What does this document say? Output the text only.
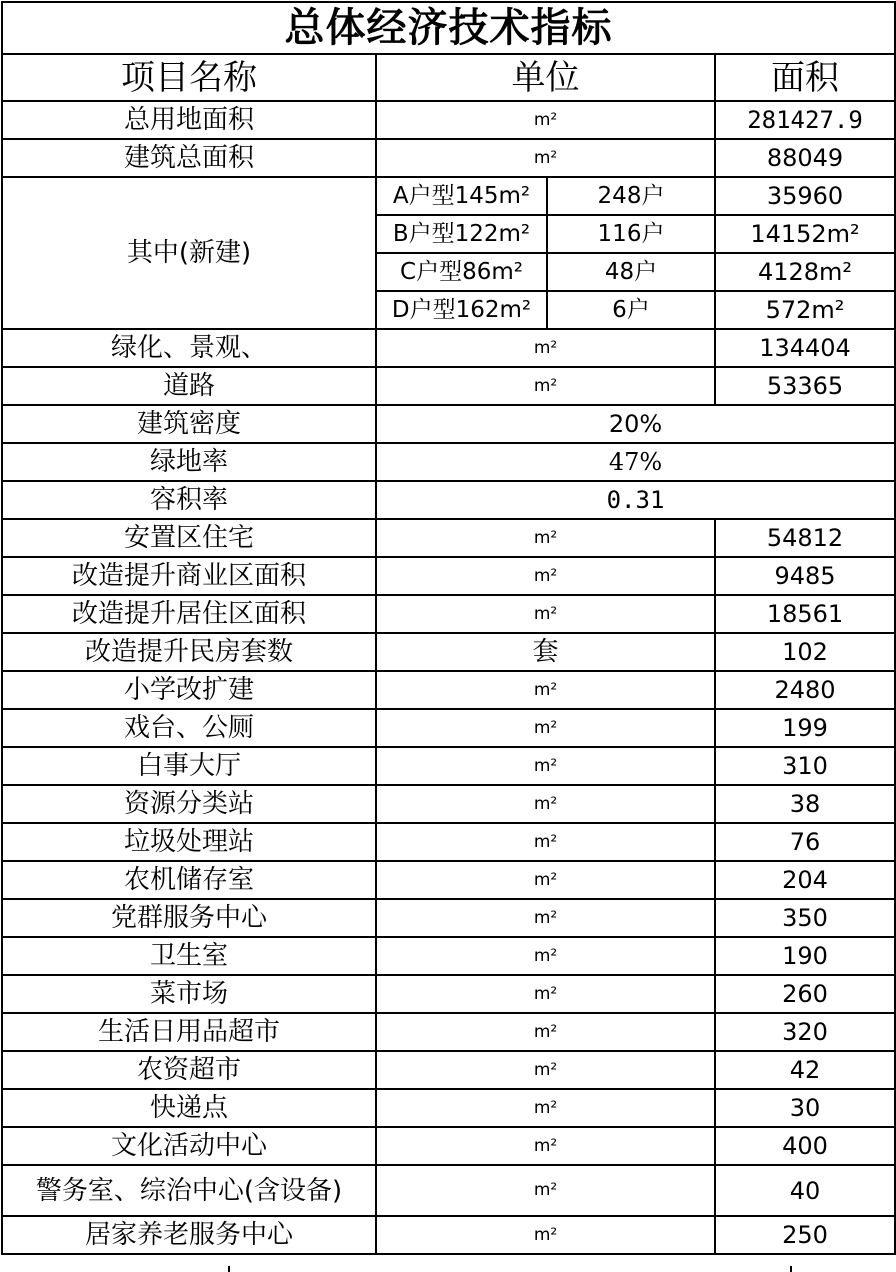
总体经济技术指标			
项目名称	单位		面积
总用地面积	m²		281427.9
建筑总面积	m²		88049
其中(新建)	A户型145m²	248户	35960
	B户型122m²	116户	14152m²
	C户型86m²	48户	4128m²
	D户型162m²	6户	572m²
绿化、景观、	m²		134404
道路	m²		53365
建筑密度	20%		
绿地率	47%		
容积率	0.31		
安置区住宅	m²		54812
改造提升商业区面积	m²		9485
改造提升居住区面积	m²		18561
改造提升民房套数	套		102
小学改扩建	m²		2480
戏台、公厕	m²		199
白事大厅	m²		310
资源分类站	m²		38
垃圾处理站	m²		76
农机储存室	m²		204
党群服务中心	m²		350
卫生室	m²		190
菜市场	m²		260
生活日用品超市	m²		320
农资超市	m²		42
快递点	m²		30
文化活动中心	m²		400
警务室、综治中心(含设备)	m²		40
居家养老服务中心	m²		250
